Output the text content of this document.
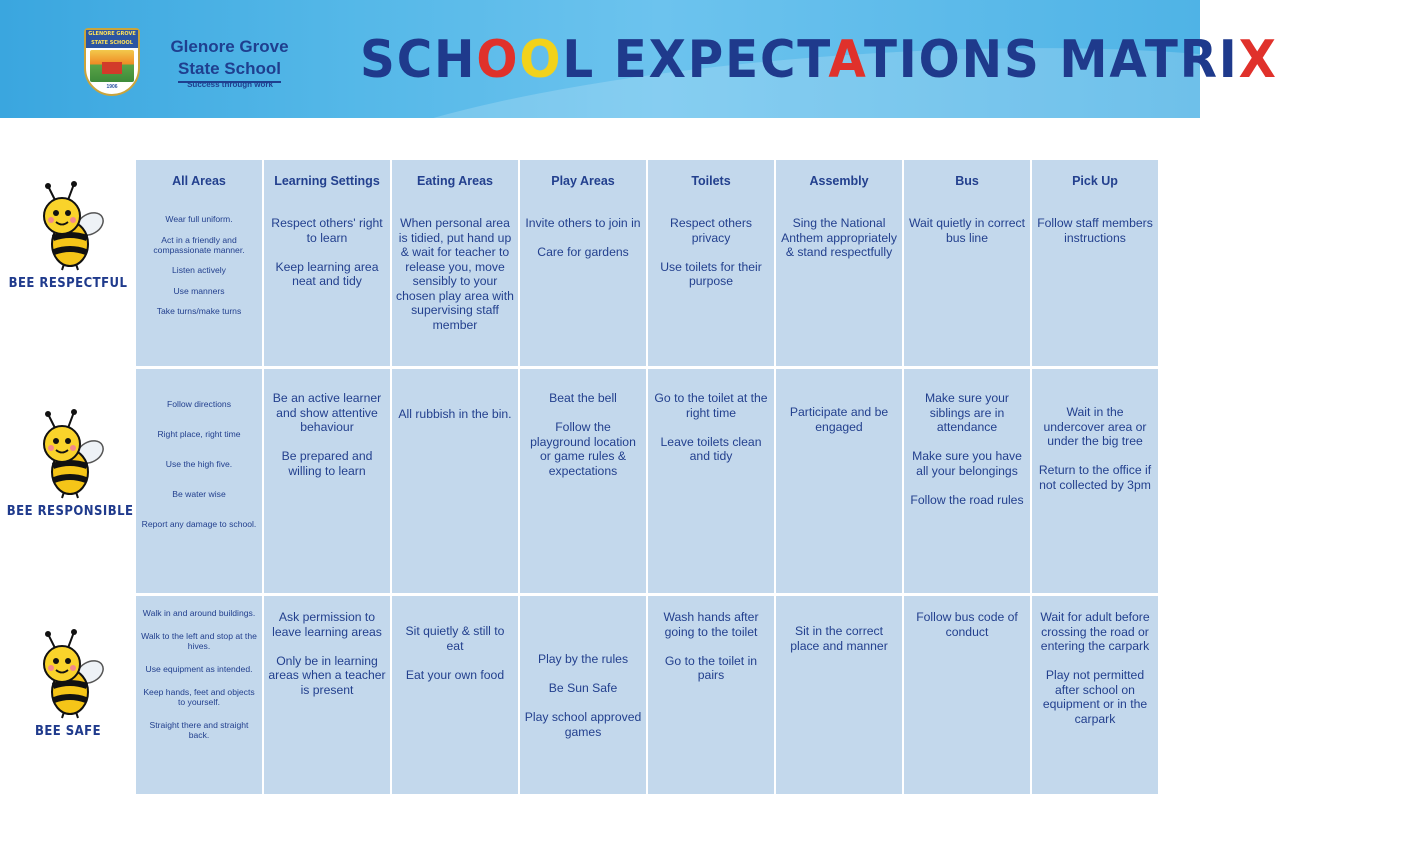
GLENORE GROVE STATE SCHOOL
1906
Glenore Grove
State School
Success through work	SCHOOL EXPECTATIONS MATRIX
BEE RESPECTFUL
BEE RESPONSIBLE
BEE SAFE
All Areas
Wear full uniform.
Act in a friendly and compassionate manner.
Listen actively
Use manners
Take turns/make turns
Learning Settings
Respect others' right to learn
Keep learning area neat and tidy
Eating Areas
When personal area is tidied, put hand up & wait for teacher to release you, move sensibly to your chosen play area with supervising staff member
Play Areas
Invite others to join in
Care for gardens
Toilets
Respect others privacy
Use toilets for their purpose
Assembly
Sing the National Anthem appropriately & stand respectfully
Bus
Wait quietly in correct bus line
Pick Up
Follow staff members instructions
Follow directions
Right place, right time
Use the high five.
Be water wise
Report any damage to school.
Be an active learner and show attentive behaviour
Be prepared and willing to learn
All rubbish in the bin.
Beat the bell
Follow the playground location or game rules & expectations
Go to the toilet at the right time
Leave toilets clean and tidy
Participate and be engaged
Make sure your siblings are in attendance
Make sure you have all your belongings
Follow the road rules
Wait in the undercover area or under the big tree
Return to the office if not collected by 3pm
Walk in and around buildings.
Walk to the left and stop at the hives.
Use equipment as intended.
Keep hands, feet and objects to yourself.
Straight there and straight back.
Ask permission to leave learning areas
Only be in learning areas when a teacher is present
Sit quietly & still to eat
Eat your own food
Play by the rules
Be Sun Safe
Play school approved games
Wash hands after going to the toilet
Go to the toilet in pairs
Sit in the correct place and manner
Follow bus code of conduct
Wait for adult before crossing the road or entering the carpark
Play not permitted after school on equipment or in the carpark
